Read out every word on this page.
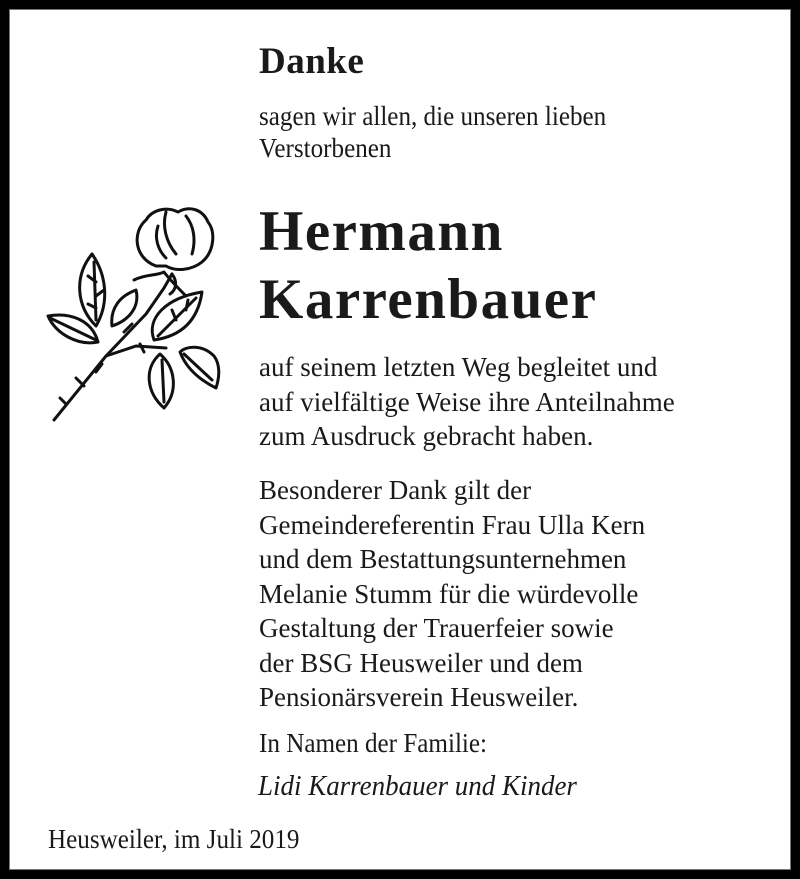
Danke
sagen wir allen, die unseren lieben
Verstorbenen
Hermann
Karrenbauer
auf seinem letzten Weg begleitet und
auf vielfältige Weise ihre Anteilnahme
zum Ausdruck gebracht haben.
Besonderer Dank gilt der
Gemeindereferentin Frau Ulla Kern
und dem Bestattungsunternehmen
Melanie Stumm für die würdevolle
Gestaltung der Trauerfeier sowie
der BSG Heusweiler und dem
Pensionärsverein Heusweiler.
In Namen der Familie:
Lidi Karrenbauer und Kinder
Heusweiler, im Juli 2019
